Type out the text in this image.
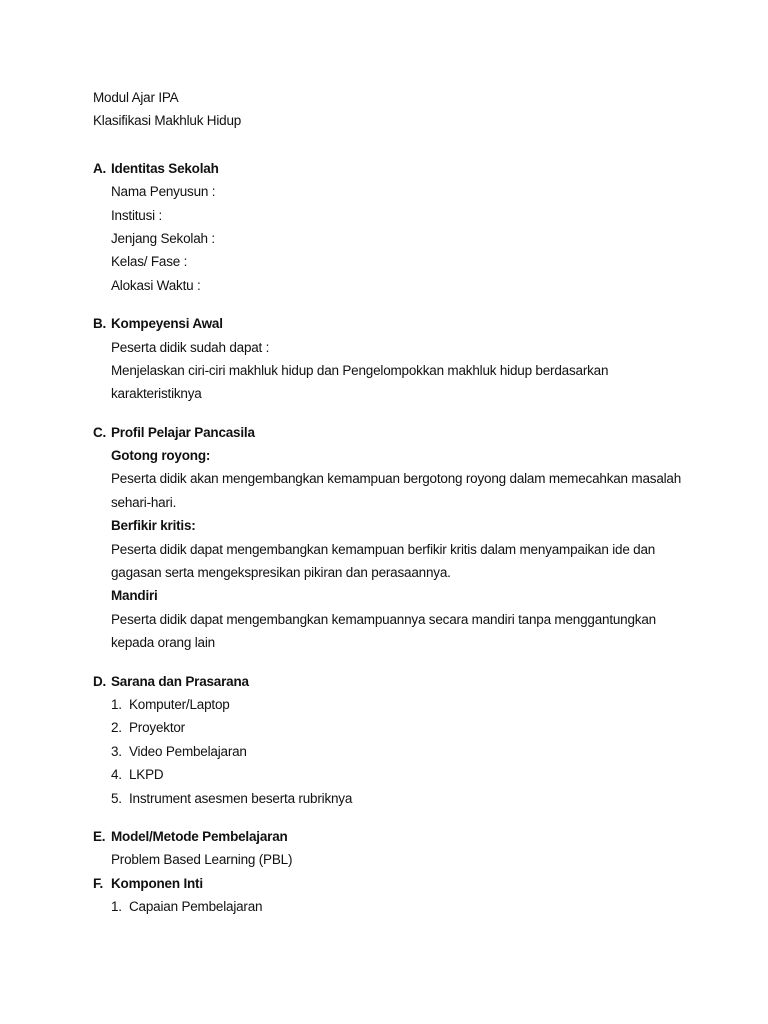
Modul Ajar IPA
Klasifikasi Makhluk Hidup
A. Identitas Sekolah
Nama Penyusun :
Institusi :
Jenjang Sekolah :
Kelas/ Fase :
Alokasi Waktu :
B. Kompeyensi Awal
Peserta didik sudah dapat :
Menjelaskan ciri-ciri makhluk hidup dan Pengelompokkan makhluk hidup berdasarkan
karakteristiknya
C. Profil Pelajar Pancasila
Gotong royong:
Peserta didik akan mengembangkan kemampuan bergotong royong dalam memecahkan masalah
sehari-hari.
Berfikir kritis:
Peserta didik dapat mengembangkan kemampuan berfikir kritis dalam menyampaikan ide dan
gagasan serta mengekspresikan pikiran dan perasaannya.
Mandiri
Peserta didik dapat mengembangkan kemampuannya secara mandiri tanpa menggantungkan
kepada orang lain
D. Sarana dan Prasarana
1. Komputer/Laptop
2. Proyektor
3. Video Pembelajaran
4. LKPD
5. Instrument asesmen beserta rubriknya
E. Model/Metode Pembelajaran
Problem Based Learning (PBL)
F. Komponen Inti
1. Capaian Pembelajaran
